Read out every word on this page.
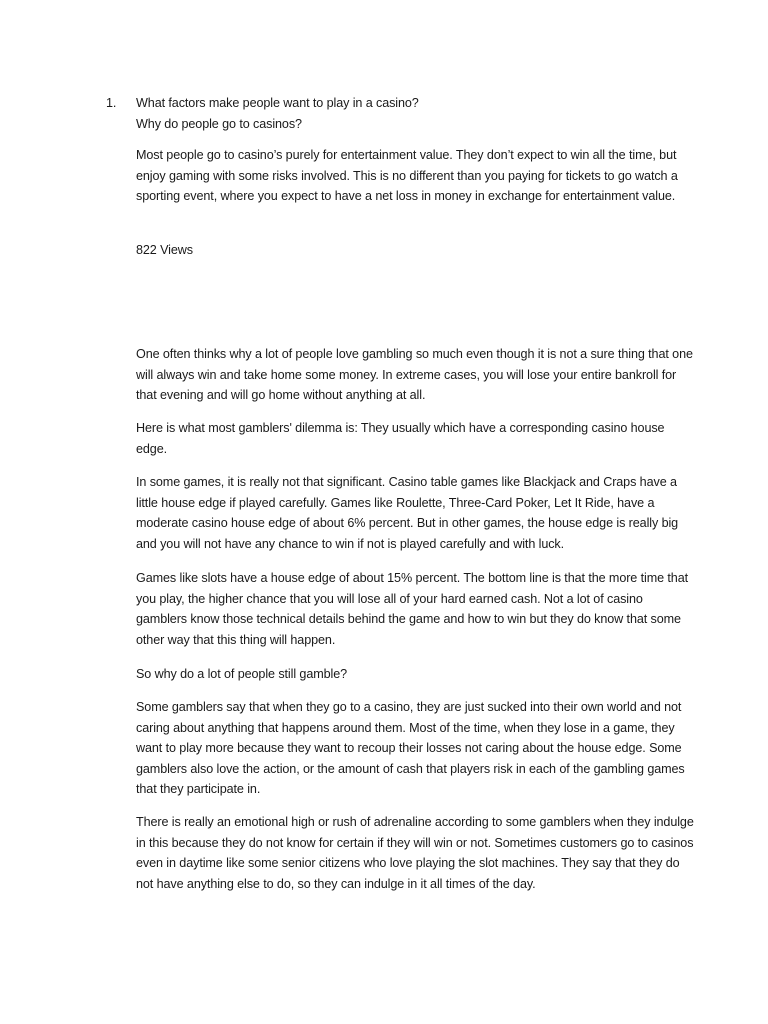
1. What factors make people want to play in a casino?

Why do people go to casinos?

Most people go to casino’s purely for entertainment value. They don’t expect to win all the time, but enjoy gaming with some risks involved. This is no different than you paying for tickets to go watch a sporting event, where you expect to have a net loss in money in exchange for entertainment value.

822 Views

One often thinks why a lot of people love gambling so much even though it is not a sure thing that one will always win and take home some money. In extreme cases, you will lose your entire bankroll for that evening and will go home without anything at all.

Here is what most gamblers' dilemma is: They usually which have a corresponding casino house edge.

In some games, it is really not that significant. Casino table games like Blackjack and Craps have a little house edge if played carefully. Games like Roulette, Three-Card Poker, Let It Ride, have a moderate casino house edge of about 6% percent. But in other games, the house edge is really big and you will not have any chance to win if not is played carefully and with luck.

Games like slots have a house edge of about 15% percent. The bottom line is that the more time that you play, the higher chance that you will lose all of your hard earned cash. Not a lot of casino gamblers know those technical details behind the game and how to win but they do know that some other way that this thing will happen.

So why do a lot of people still gamble?

Some gamblers say that when they go to a casino, they are just sucked into their own world and not caring about anything that happens around them. Most of the time, when they lose in a game, they want to play more because they want to recoup their losses not caring about the house edge. Some gamblers also love the action, or the amount of cash that players risk in each of the gambling games that they participate in.

There is really an emotional high or rush of adrenaline according to some gamblers when they indulge in this because they do not know for certain if they will win or not. Sometimes customers go to casinos even in daytime like some senior citizens who love playing the slot machines. They say that they do not have anything else to do, so they can indulge in it all times of the day.
